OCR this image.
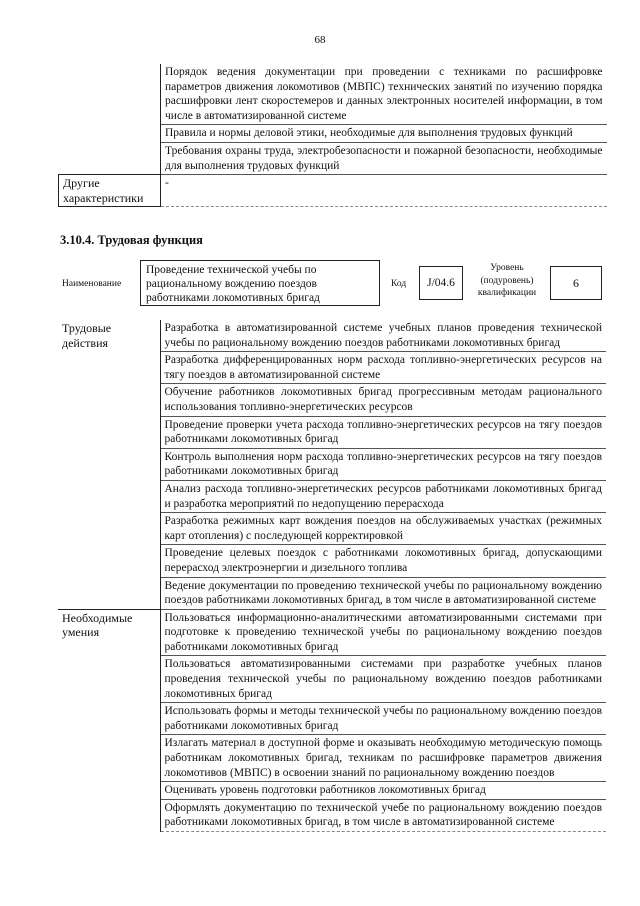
68
	Порядок ведения документации при проведении с техниками по расшифровке параметров движения локомотивов (МВПС) технических занятий по изучению порядка расшифровки лент скоростемеров и данных электронных носителей информации, в том числе в автоматизированной системе
	Правила и нормы деловой этики, необходимые для выполнения трудовых функций
	Требования охраны труда, электробезопасности и пожарной безопасности, необходимые для выполнения трудовых функций
Другие характеристики	-
3.10.4. Трудовая функция
Наименование
Проведение технической учебы по рациональному вождению поездов работниками локомотивных бригад
Код	J/04.6
Уровень (подуровень) квалификации
6
Трудовые действия	Разработка в автоматизированной системе учебных планов проведения технической учебы по рациональному вождению поездов работниками локомотивных бригад
	Разработка дифференцированных норм расхода топливно-энергетических ресурсов на тягу поездов в автоматизированной системе
	Обучение работников локомотивных бригад прогрессивным методам рационального использования топливно-энергетических ресурсов
	Проведение проверки учета расхода топливно-энергетических ресурсов на тягу поездов работниками локомотивных бригад
	Контроль выполнения норм расхода топливно-энергетических ресурсов на тягу поездов работниками локомотивных бригад
	Анализ расхода топливно-энергетических ресурсов работниками локомотивных бригад и разработка мероприятий по недопущению перерасхода
	Разработка режимных карт вождения поездов на обслуживаемых участках (режимных карт отопления) с последующей корректировкой
	Проведение целевых поездок с работниками локомотивных бригад, допускающими перерасход электроэнергии и дизельного топлива
	Ведение документации по проведению технической учебы по рациональному вождению поездов работниками локомотивных бригад, в том числе в автоматизированной системе
Необходимые умения	Пользоваться информационно-аналитическими автоматизированными системами при подготовке к проведению технической учебы по рациональному вождению поездов работниками локомотивных бригад
	Пользоваться автоматизированными системами при разработке учебных планов проведения технической учебы по рациональному вождению поездов работниками локомотивных бригад
	Использовать формы и методы технической учебы по рациональному вождению поездов работниками локомотивных бригад
	Излагать материал в доступной форме и оказывать необходимую методическую помощь работникам локомотивных бригад, техникам по расшифровке параметров движения локомотивов (МВПС) в освоении знаний по рациональному вождению поездов
	Оценивать уровень подготовки работников локомотивных бригад
	Оформлять документацию по технической учебе по рациональному вождению поездов работниками локомотивных бригад, в том числе в автоматизированной системе
